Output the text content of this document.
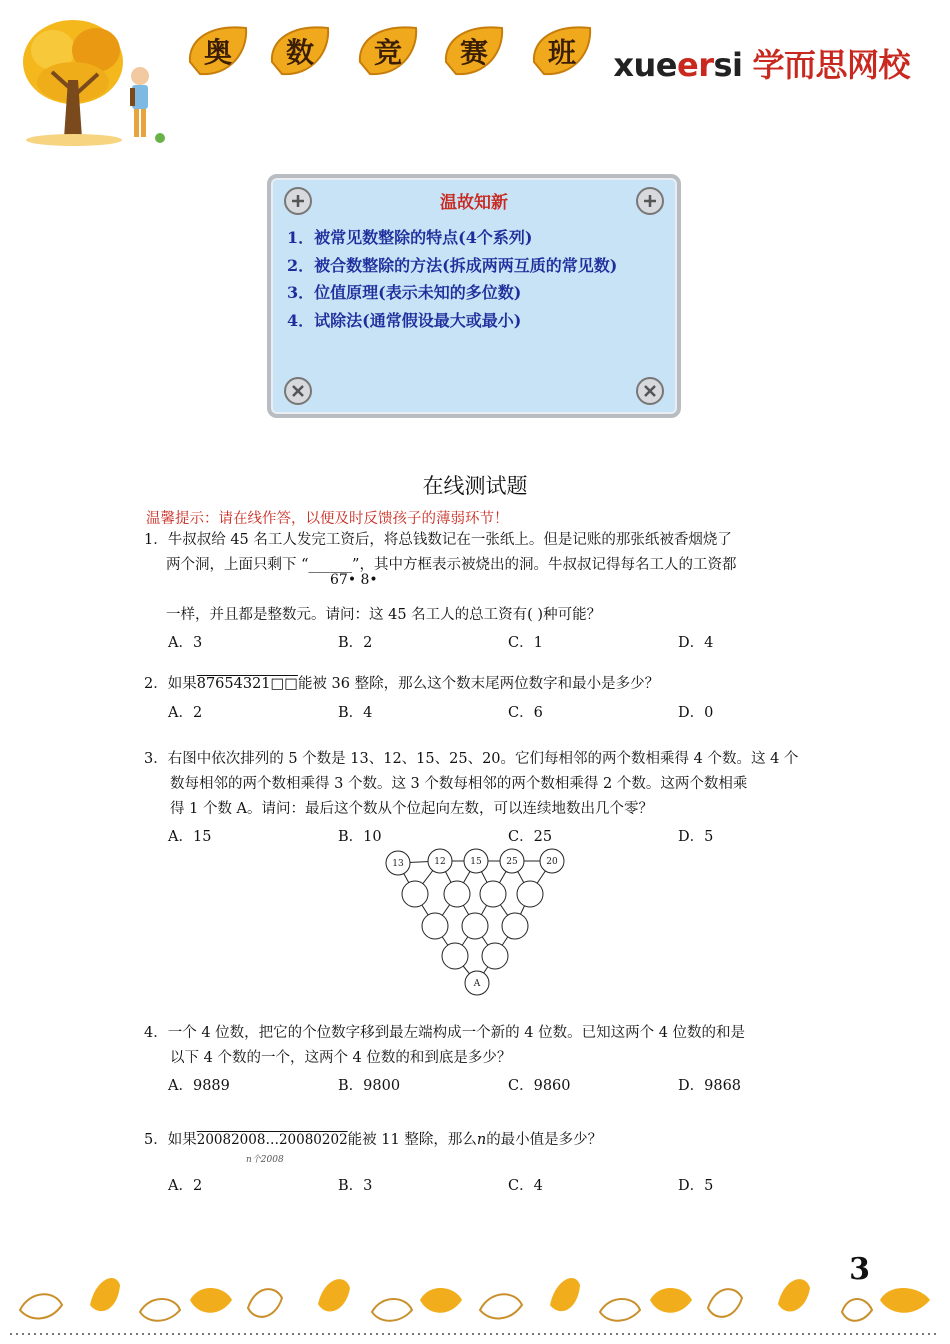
奥	数	竞	赛	班	xueersi 学而思网校
温故知新
1．被常见数整除的特点(4个系列)
2．被合数整除的方法(拆成两两互质的常见数)
3．位值原理(表示未知的多位数)
4．试除法(通常假设最大或最小)
在线测试题
温馨提示：请在线作答，以便及时反馈孩子的薄弱环节！
1．牛叔叔给 45 名工人发完工资后，将总钱数记在一张纸上。但是记账的那张纸被香烟烧了
两个洞，上面只剩下 “______”，其中方框表示被烧出的洞。牛叔叔记得每名工人的工资都
67• 8•
一样，并且都是整数元。请问：这 45 名工人的总工资有( )种可能？
A．3	B．2	C．1	D．4
2．如果87654321□□能被 36 整除，那么这个数末尾两位数字和最小是多少？
A．2	B．4	C．6	D．0
3．右图中依次排列的 5 个数是 13、12、15、25、20。它们每相邻的两个数相乘得 4 个数。这 4 个
数每相邻的两个数相乘得 3 个数。这 3 个数每相邻的两个数相乘得 2 个数。这两个数相乘
得 1 个数 A。请问：最后这个数从个位起向左数，可以连续地数出几个零？
A．15	B．10	C．25	D．5
13	12	15	25	20
A
4．一个 4 位数，把它的个位数字移到最左端构成一个新的 4 位数。已知这两个 4 位数的和是
以下 4 个数的一个，这两个 4 位数的和到底是多少？
A．9889	B．9800	C．9860	D．9868
5．如果20082008…20080202能被 11 整除，那么n的最小值是多少？
n个2008
A．2	B．3	C．4	D．5
3
